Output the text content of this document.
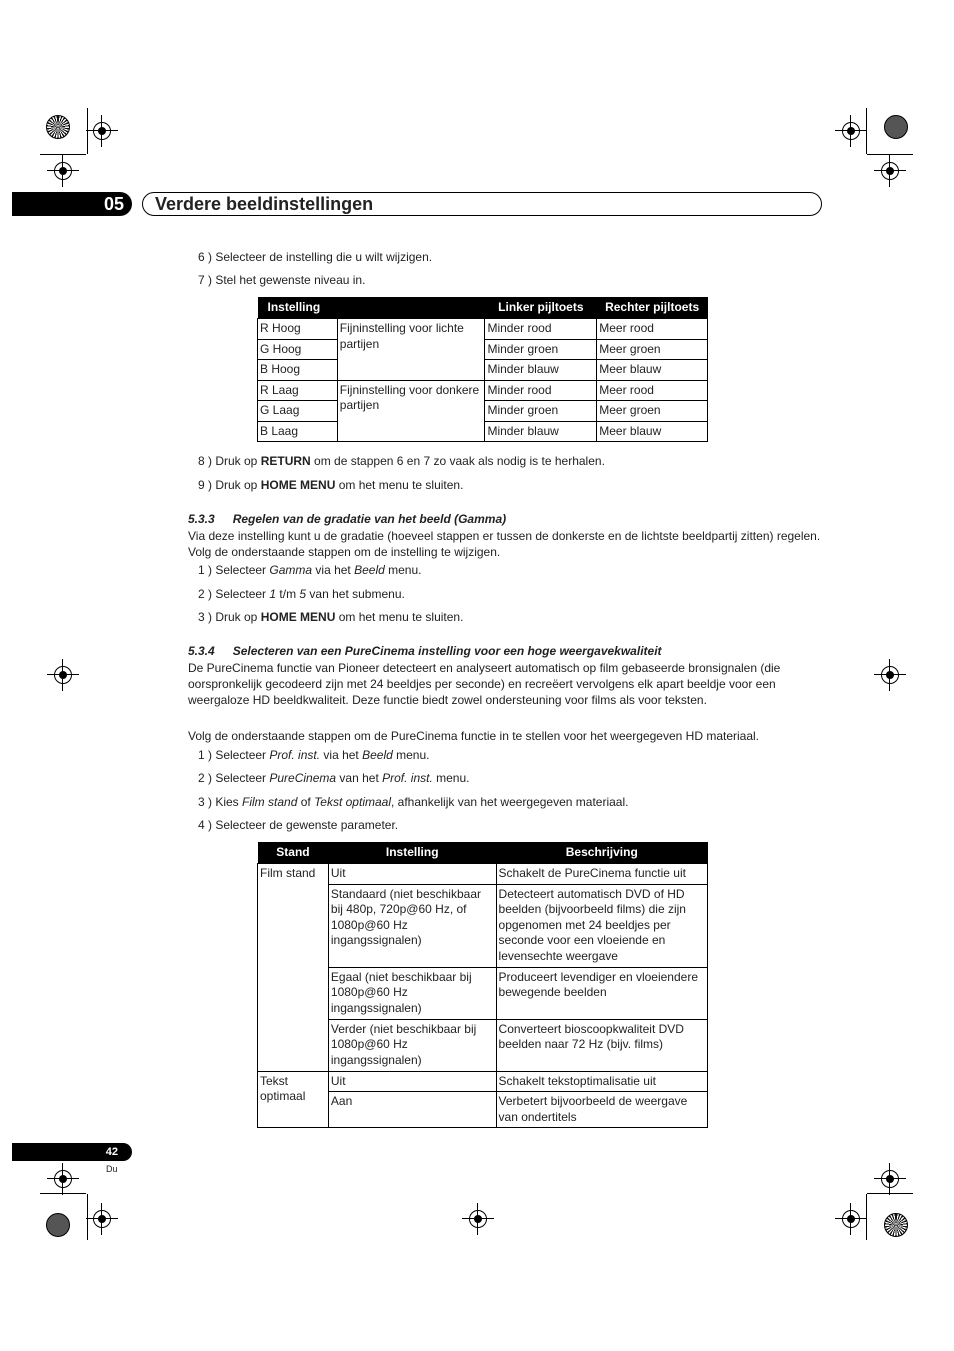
05	Verdere beeldinstellingen
6 ) Selecteer de instelling die u wilt wijzigen.
7 ) Stel het gewenste niveau in.
Instelling		Linker pijltoets	Rechter pijltoets
R Hoog	Fijninstelling voor lichte partijen	Minder rood	Meer rood
G Hoog		Minder groen	Meer groen
B Hoog		Minder blauw	Meer blauw
R Laag	Fijninstelling voor donkere partijen	Minder rood	Meer rood
G Laag		Minder groen	Meer groen
B Laag		Minder blauw	Meer blauw
8 ) Druk op RETURN om de stappen 6 en 7 zo vaak als nodig is te herhalen.
9 ) Druk op HOME MENU om het menu te sluiten.
5.3.3 Regelen van de gradatie van het beeld (Gamma)
Via deze instelling kunt u de gradatie (hoeveel stappen er tussen de donkerste en de lichtste beeldpartij zitten) regelen. Volg de onderstaande stappen om de instelling te wijzigen.
1 ) Selecteer Gamma via het Beeld menu.
2 ) Selecteer 1 t/m 5 van het submenu.
3 ) Druk op HOME MENU om het menu te sluiten.
5.3.4 Selecteren van een PureCinema instelling voor een hoge weergavekwaliteit
De PureCinema functie van Pioneer detecteert en analyseert automatisch op film gebaseerde bronsignalen (die oorspronkelijk gecodeerd zijn met 24 beeldjes per seconde) en recreëert vervolgens elk apart beeldje voor een weergaloze HD beeldkwaliteit. Deze functie biedt zowel ondersteuning voor films als voor teksten.
Volg de onderstaande stappen om de PureCinema functie in te stellen voor het weergegeven HD materiaal.
1 ) Selecteer Prof. inst. via het Beeld menu.
2 ) Selecteer PureCinema van het Prof. inst. menu.
3 ) Kies Film stand of Tekst optimaal, afhankelijk van het weergegeven materiaal.
4 ) Selecteer de gewenste parameter.
Stand	Instelling	Beschrijving
Film stand	Uit	Schakelt de PureCinema functie uit
	Standaard (niet beschikbaar bij 480p, 720p@60 Hz, of 1080p@60 Hz ingangssignalen)	Detecteert automatisch DVD of HD beelden (bijvoorbeeld films) die zijn opgenomen met 24 beeldjes per seconde voor een vloeiende en levensechte weergave
	Egaal (niet beschikbaar bij 1080p@60 Hz ingangssignalen)	Produceert levendiger en vloeiendere bewegende beelden
	Verder (niet beschikbaar bij 1080p@60 Hz ingangssignalen)	Converteert bioscoopkwaliteit DVD beelden naar 72 Hz (bijv. films)
Tekst optimaal	Uit	Schakelt tekstoptimalisatie uit
	Aan	Verbetert bijvoorbeeld de weergave van ondertitels
42
Du
